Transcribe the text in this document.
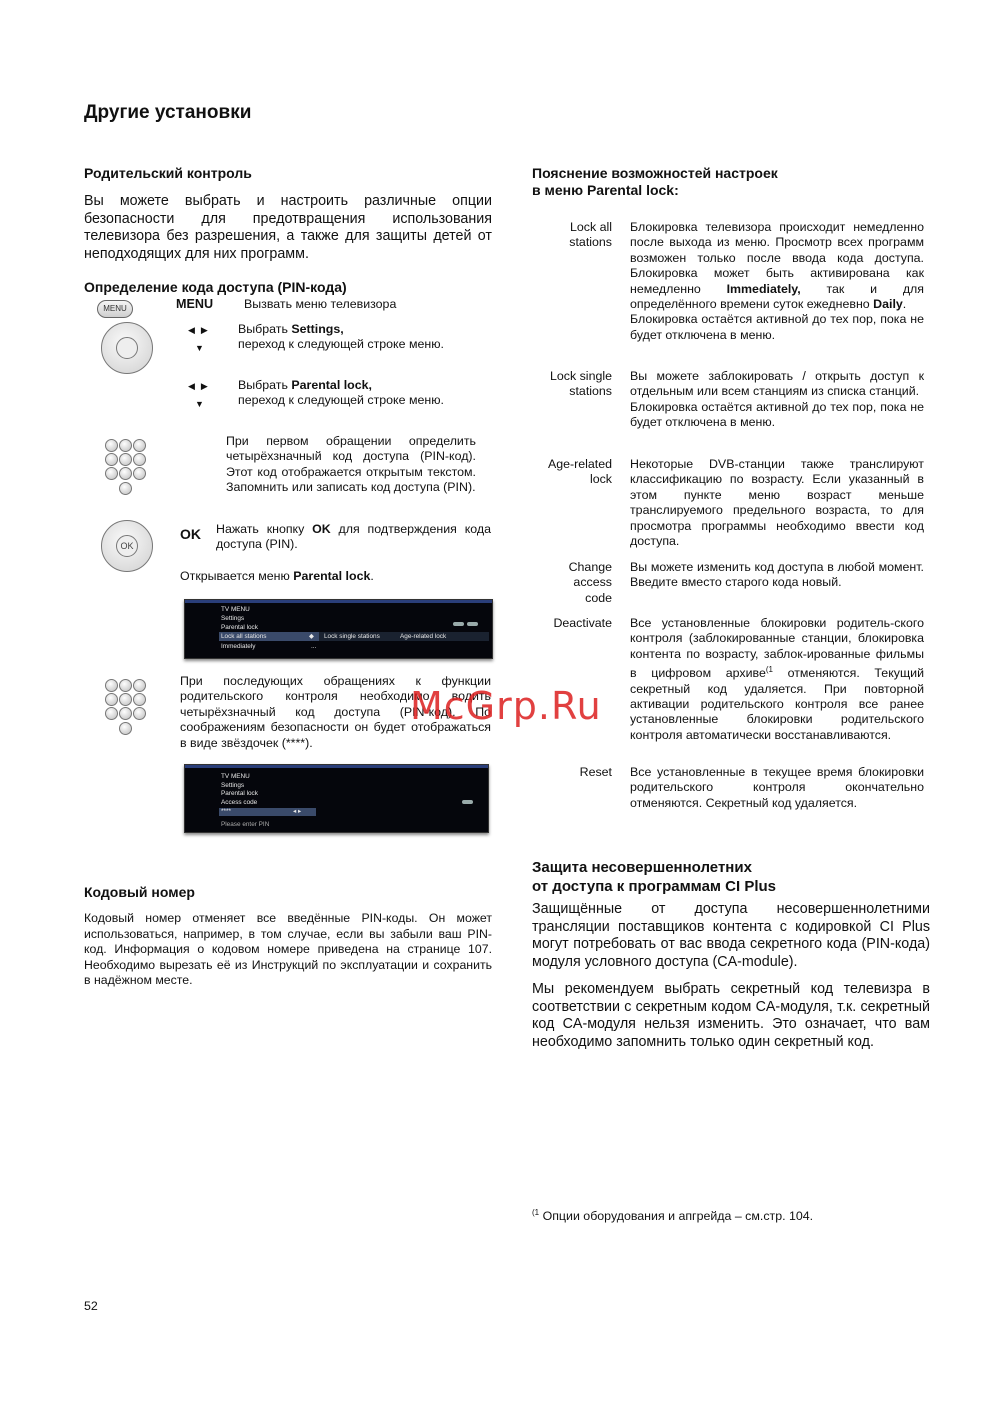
Другие установки
Родительский контроль
Вы можете выбрать и настроить различные опции безопасности для предотвращения использования телевизора без разрешения, а также для защиты детей от неподходящих для них программ.
Определение кода доступа (PIN-кода)
MENU	MENU Вызвать меню телевизора
◀▶
▼
Выбрать Settings,
переход к следующей строке меню.
◀▶
▼
Выбрать Parental lock,
переход к следующей строке меню.
При первом обращении определить четырёхзначный код доступа (PIN-код). Этот код отображается открытым текстом. Запомнить или записать код доступа (PIN).
OK
OK Нажать кнопку OK для подтверждения кода доступа (PIN).
Открывается меню Parental lock.
TV MENU
Settings
Parental lock
Lock all stations	◆ Lock single stations	Age-related lock
Immediately	...
При последующих обращениях к функции родительского контроля необходимо водить четырёхзначный код доступа (PIN-код). По соображениям безопасности он будет отображаться в виде звёздочек (****).
TV MENU
Settings
Parental lock
Access code
****	◂ ▸
Please enter PIN
Кодовый номер
Кодовый номер отменяет все введённые PIN-коды. Он может использоваться, например, в том случае, если вы забыли ваш PIN-код. Информация о кодовом номере приведена на странице 107. Необходимо вырезать её из Инструкций по эксплуатации и сохранить в надёжном месте.
Пояснение возможностей настроек
в меню Parental lock:
Lock all
stations
Блокировка телевизора происходит немедленно после выхода из меню. Просмотр всех программ возможен только после ввода кода доступа. Блокировка может быть активирована как немедленно Immediately, так и для определённого времени суток ежедневно Daily.
Блокировка остаётся активной до тех пор, пока не будет отключена в меню.
Lock single
stations
Вы можете заблокировать / открыть доступ к отдельным или всем станциям из списка станций.
Блокировка остаётся активной до тех пор, пока не будет отключена в меню.
Age-related
lock
Некоторые DVB-станции также транслируют классификацию по возрасту. Если указанный в этом пункте меню возраст меньше транслируемого предельного возраста, то для просмотра программы необходимо ввести код доступа.
Change
access
code
Вы можете изменить код доступа в любой момент. Введите вместо старого кода новый.
Deactivate Все установленные блокировки родитель-ского контроля (заблокированные станции, блокировка контента по возрасту, заблок-ированные фильмы в цифровом архиве$^{(1}$ отменяются. Текущий секретный код удаляется. При повторной активации родительского контроля все ранее установленные блокировки родительского контроля автоматически восстанавливаются.
Reset Все установленные в текущее время блокировки родительского контроля окончательно отменяются. Секретный код удаляется.
Защита несовершеннолетних
от доступа к программам CI Plus
Защищённые от доступа несовершеннолетними трансляции поставщиков контента с кодировкой CI Plus могут потребовать от вас ввода секретного кода (PIN-кода) модуля условного доступа (CA-module).
Мы рекомендуем выбрать секретный код телевизра в соответствии с секретным кодом CA-модуля, т.к. секретный код CA-модуля нельзя изменить. Это означает, что вам необходимо запомнить только один секретный код.
$^{(1}$ Опции оборудования и апгрейда – см.стр. 104.
McGrp.Ru
52
